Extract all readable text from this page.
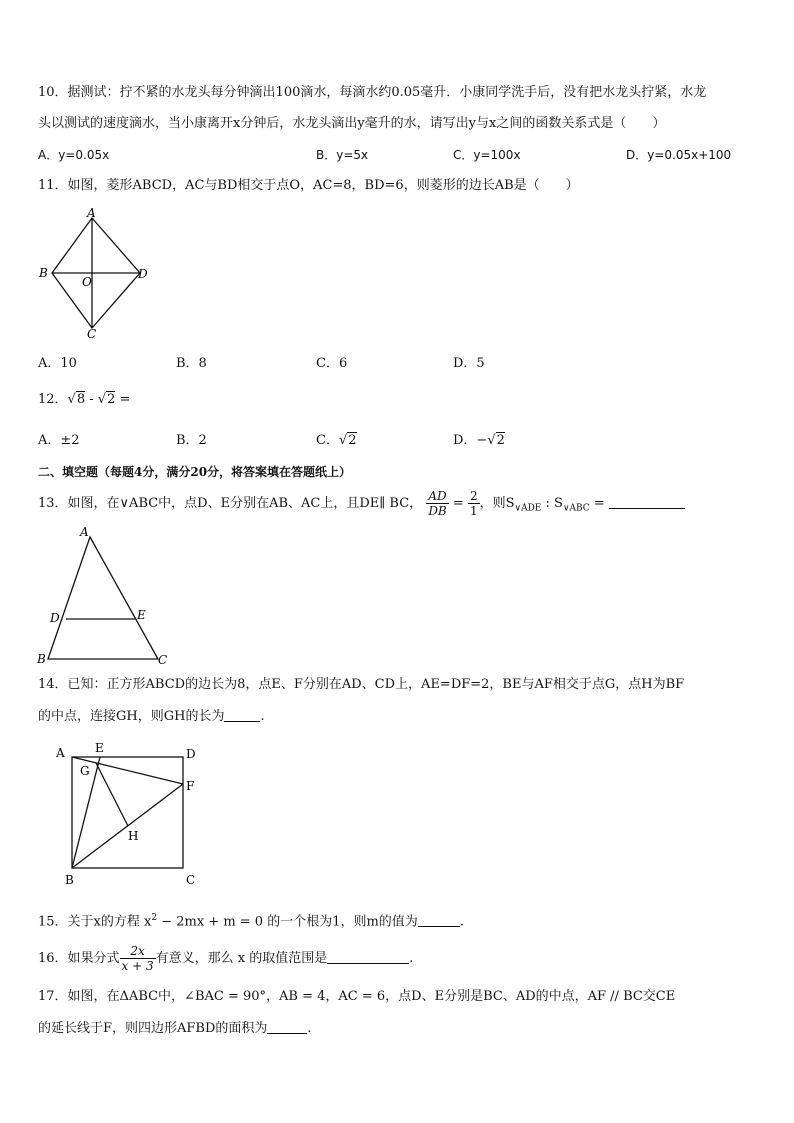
10．据测试：拧不紧的水龙头每分钟滴出100滴水，每滴水约0.05毫升．小康同学洗手后，没有把水龙头拧紧，水龙
头以测试的速度滴水，当小康离开x分钟后，水龙头滴出y毫升的水，请写出y与x之间的函数关系式是（　　）
A．y=0.05x	B．y=5x	C．y=100x	D．y=0.05x+100
11．如图，菱形ABCD，AC与BD相交于点O，AC=8，BD=6，则菱形的边长AB是（　　）
A
B	D
O
C
A．10	B．8	C．6	D．5
12．√8 - √2 =
A．±2	B．2	C．√2	D．−√2
二、填空题（每题4分，满分20分，将答案填在答题纸上）
13．如图，在∨ABC中，点D、E分别在AB、AC上，且DE∥ BC， $\frac{AD}{DB} = \frac{2}{1}$ ，则$S_{\vee ADE}$ : $S_{\vee ABC}$ =
A
D	E
B	C
14．已知：正方形ABCD的边长为8，点E、F分别在AD、CD上，AE=DF=2，BE与AF相交于点G，点H为BF
的中点，连接GH，则GH的长为	.
A	E	D
G
F
H
B	C
15．关于x的方程 $x^2 - 2mx + m = 0$ 的一个根为1，则m的值为	.
16．如果分式 $\frac{2x}{x + 3}$ 有意义，那么 x 的取值范围是	.
17．如图，在ΔABC中，∠BAC = 90°，AB = 4，AC = 6，点D、E分别是BC、AD的中点，AF // BC交CE
的延长线于F，则四边形AFBD的面积为	.
